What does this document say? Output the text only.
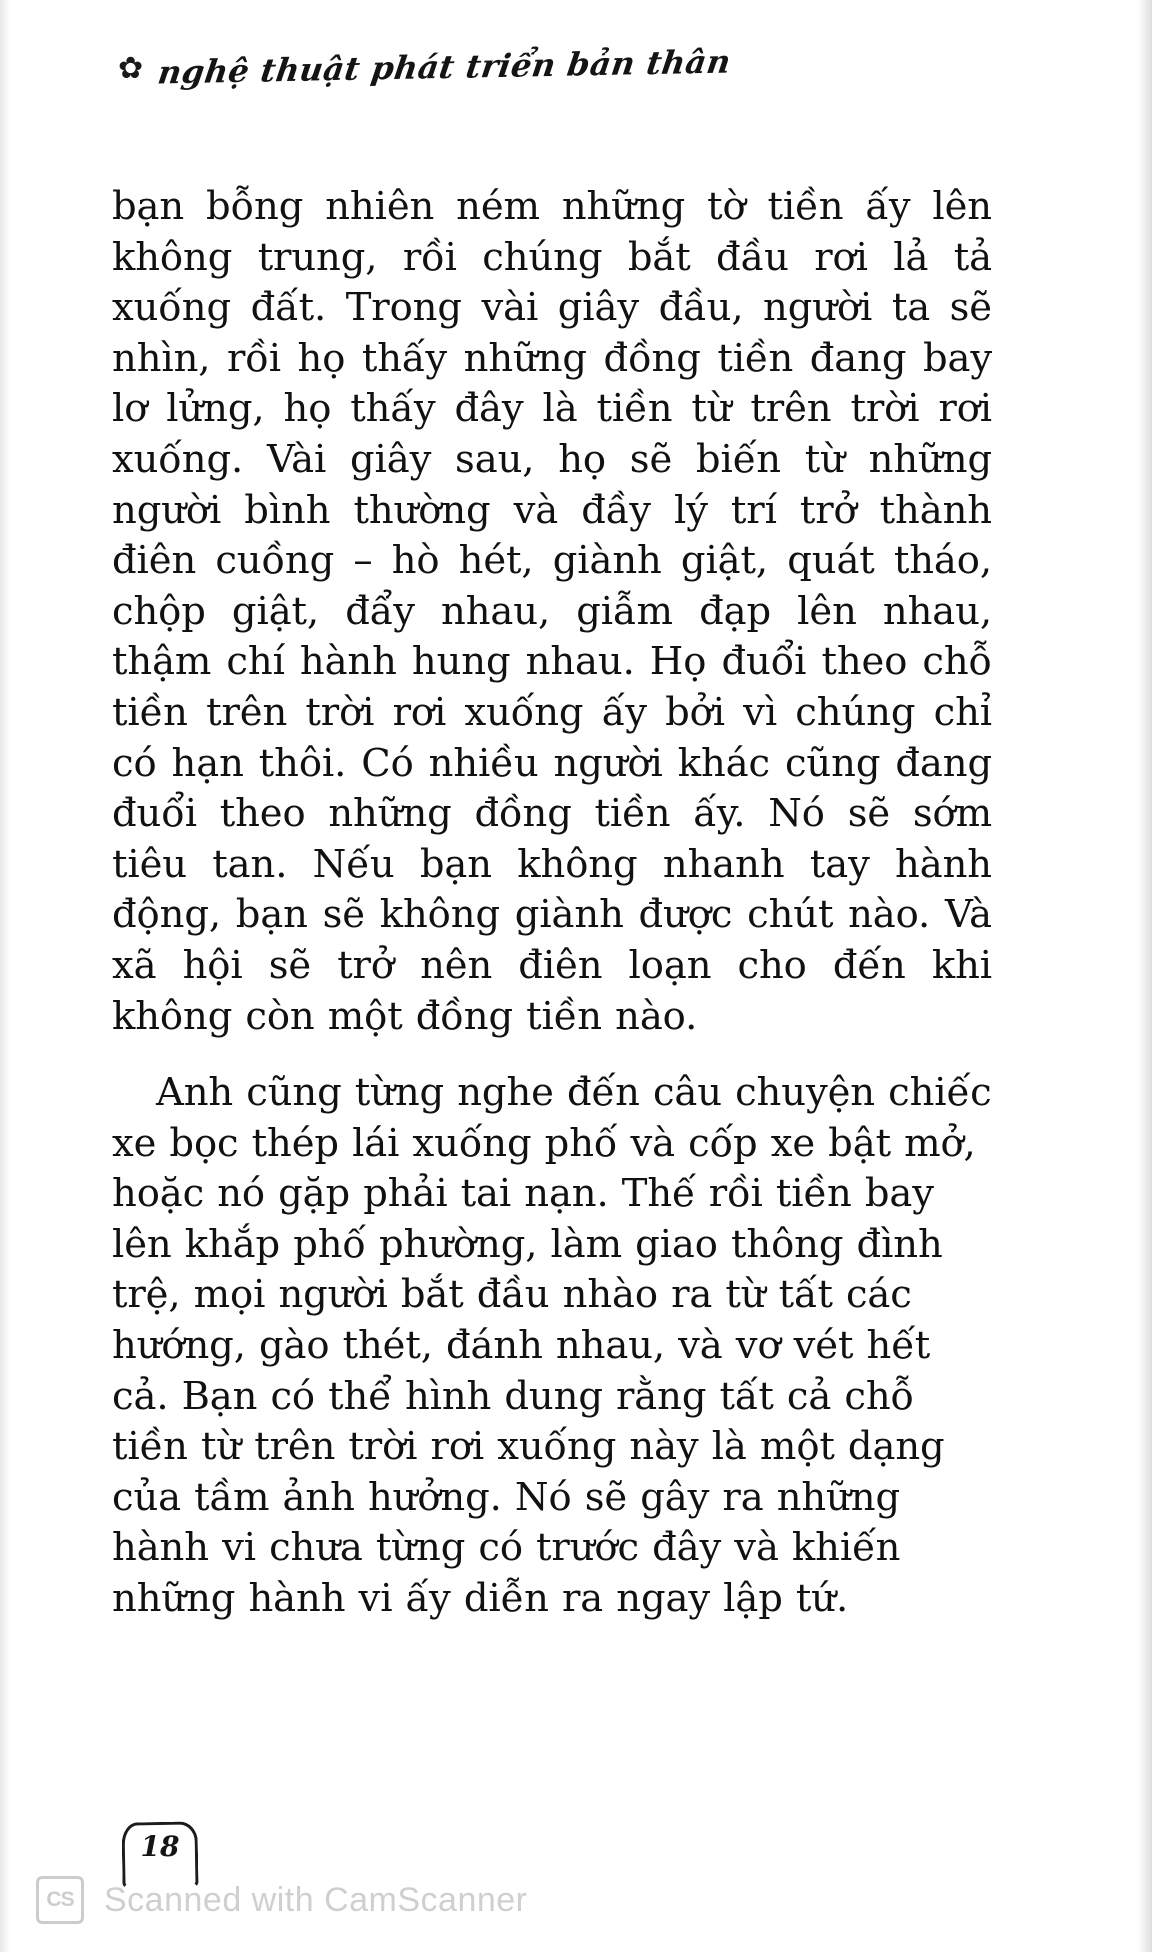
✿ nghệ thuật phát triển bản thân

bạn bỗng nhiên ném những tờ tiền ấy lên không trung, rồi chúng bắt đầu rơi lả tả xuống đất. Trong vài giây đầu, người ta sẽ nhìn, rồi họ thấy những đồng tiền đang bay lơ lửng, họ thấy đây là tiền từ trên trời rơi xuống. Vài giây sau, họ sẽ biến từ những người bình thường và đầy lý trí trở thành điên cuồng – hò hét, giành giật, quát tháo, chộp giật, đẩy nhau, giẫm đạp lên nhau, thậm chí hành hung nhau. Họ đuổi theo chỗ tiền trên trời rơi xuống ấy bởi vì chúng chỉ có hạn thôi. Có nhiều người khác cũng đang đuổi theo những đồng tiền ấy. Nó sẽ sớm tiêu tan. Nếu bạn không nhanh tay hành động, bạn sẽ không giành được chút nào. Và xã hội sẽ trở nên điên loạn cho đến khi không còn một đồng tiền nào.

Anh cũng từng nghe đến câu chuyện chiếc xe bọc thép lái xuống phố và cốp xe bật mở, hoặc nó gặp phải tai nạn. Thế rồi tiền bay lên khắp phố phường, làm giao thông đình trệ, mọi người bắt đầu nhào ra từ tất các hướng, gào thét, đánh nhau, và vơ vét hết cả. Bạn có thể hình dung rằng tất cả chỗ tiền từ trên trời rơi xuống này là một dạng của tầm ảnh hưởng. Nó sẽ gây ra những hành vi chưa từng có trước đây và khiến những hành vi ấy diễn ra ngay lập tứ.

18
CS Scanned with CamScanner
